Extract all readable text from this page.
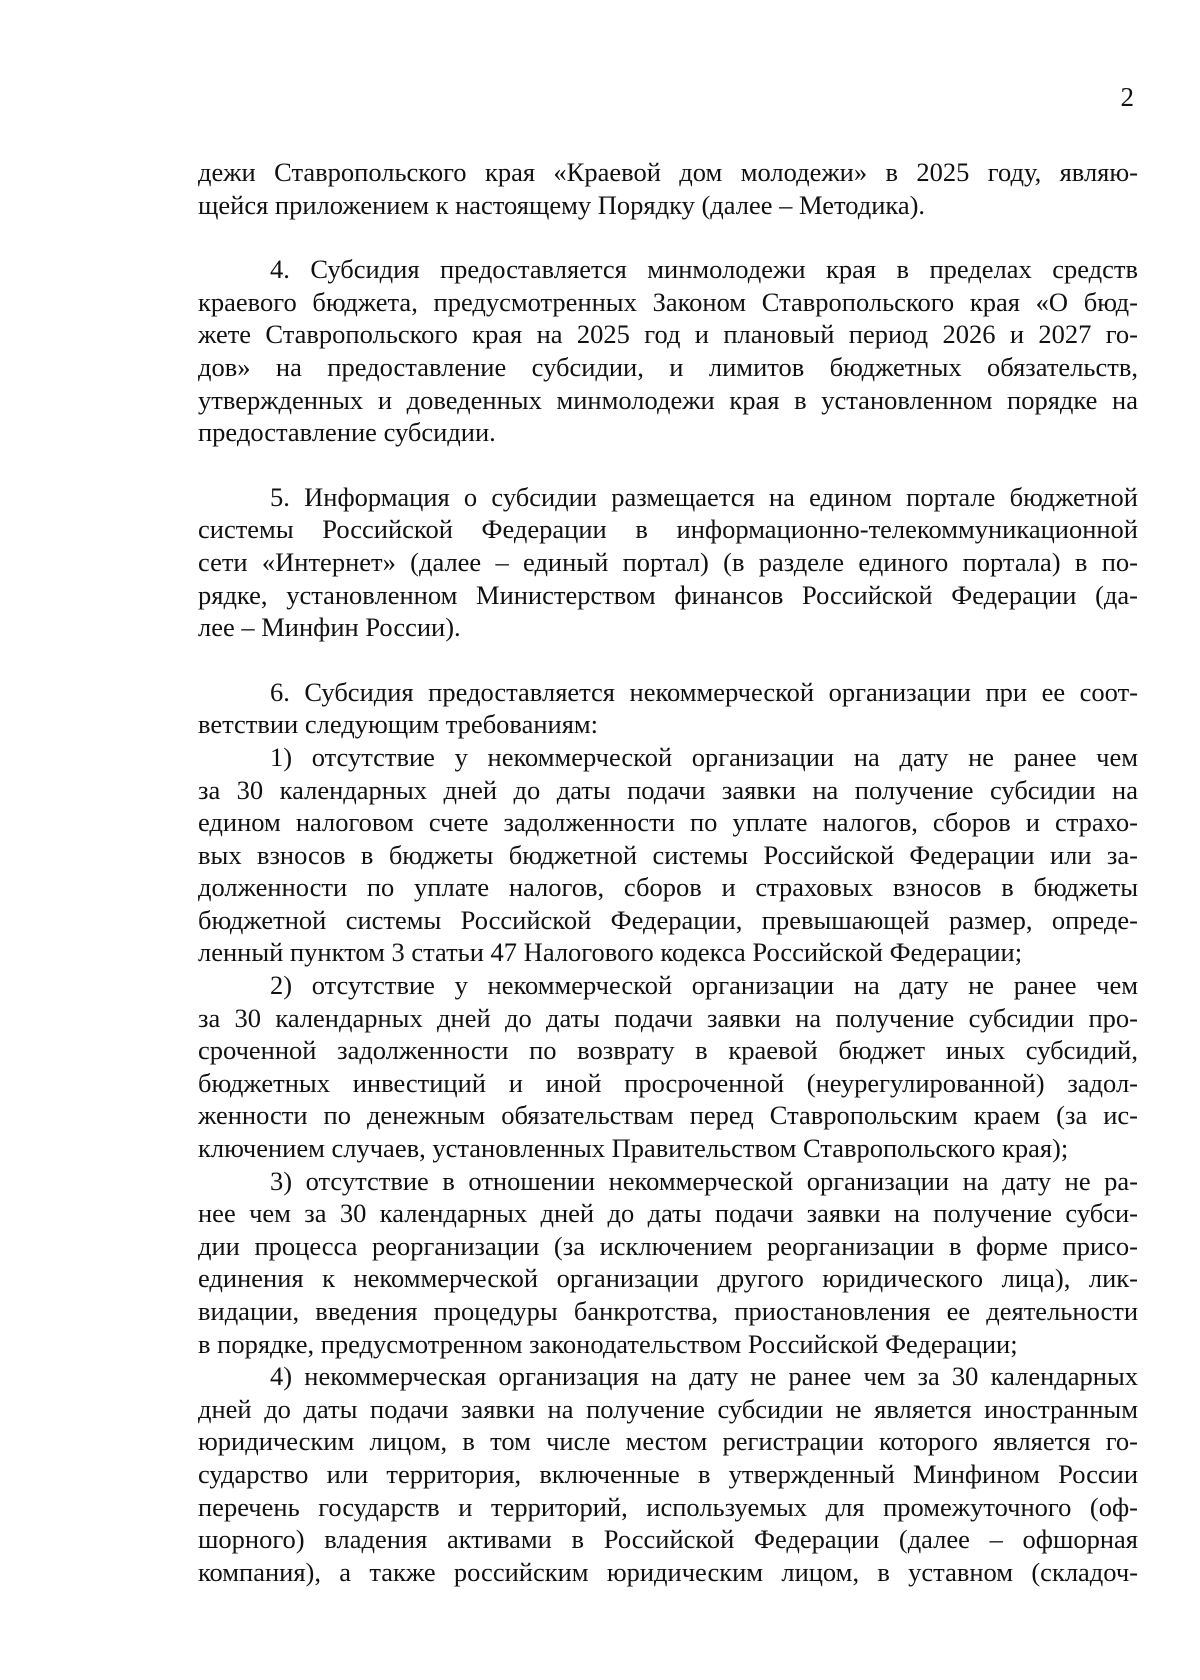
2
дежи Ставропольского края «Краевой дом молодежи» в 2025 году, являю-
щейся приложением к настоящему Порядку (далее – Методика).
4. Субсидия предоставляется минмолодежи края в пределах средств
краевого бюджета, предусмотренных Законом Ставропольского края «О бюд-
жете Ставропольского края на 2025 год и плановый период 2026 и 2027 го-
дов» на предоставление субсидии, и лимитов бюджетных обязательств,
утвержденных и доведенных минмолодежи края в установленном порядке на
предоставление субсидии.
5. Информация о субсидии размещается на едином портале бюджетной
системы Российской Федерации в информационно-телекоммуникационной
сети «Интернет» (далее – единый портал) (в разделе единого портала) в по-
рядке, установленном Министерством финансов Российской Федерации (да-
лее – Минфин России).
6. Субсидия предоставляется некоммерческой организации при ее соот-
ветствии следующим требованиям:
1) отсутствие у некоммерческой организации на дату не ранее чем
за 30 календарных дней до даты подачи заявки на получение субсидии на
едином налоговом счете задолженности по уплате налогов, сборов и страхо-
вых взносов в бюджеты бюджетной системы Российской Федерации или за-
долженности по уплате налогов, сборов и страховых взносов в бюджеты
бюджетной системы Российской Федерации, превышающей размер, опреде-
ленный пунктом 3 статьи 47 Налогового кодекса Российской Федерации;
2) отсутствие у некоммерческой организации на дату не ранее чем
за 30 календарных дней до даты подачи заявки на получение субсидии про-
сроченной задолженности по возврату в краевой бюджет иных субсидий,
бюджетных инвестиций и иной просроченной (неурегулированной) задол-
женности по денежным обязательствам перед Ставропольским краем (за ис-
ключением случаев, установленных Правительством Ставропольского края);
3) отсутствие в отношении некоммерческой организации на дату не ра-
нее чем за 30 календарных дней до даты подачи заявки на получение субси-
дии процесса реорганизации (за исключением реорганизации в форме присо-
единения к некоммерческой организации другого юридического лица), лик-
видации, введения процедуры банкротства, приостановления ее деятельности
в порядке, предусмотренном законодательством Российской Федерации;
4) некоммерческая организация на дату не ранее чем за 30 календарных
дней до даты подачи заявки на получение субсидии не является иностранным
юридическим лицом, в том числе местом регистрации которого является го-
сударство или территория, включенные в утвержденный Минфином России
перечень государств и территорий, используемых для промежуточного (оф-
шорного) владения активами в Российской Федерации (далее – офшорная
компания), а также российским юридическим лицом, в уставном (складоч-
